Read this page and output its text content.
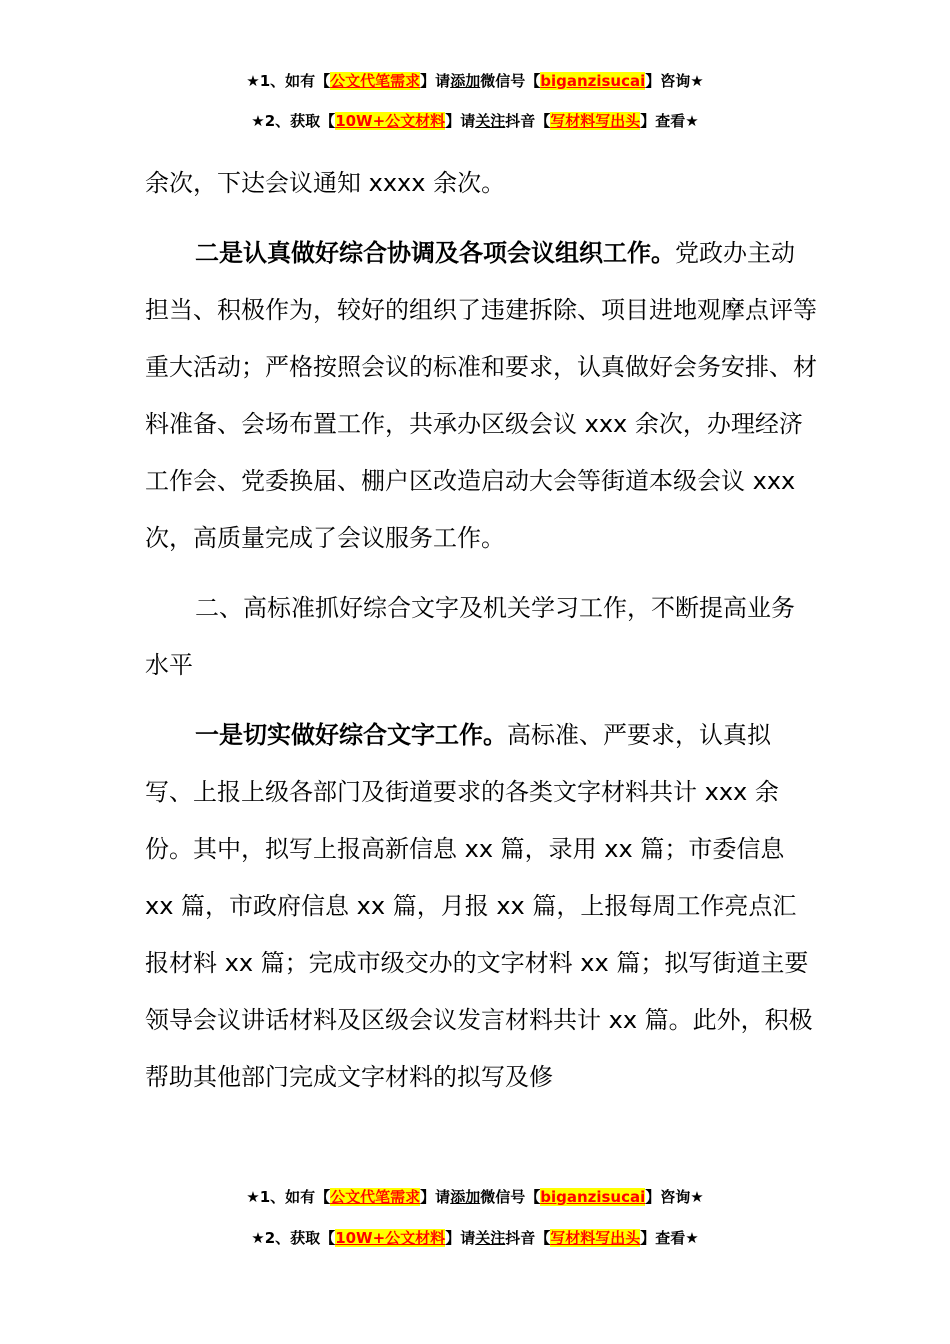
★1、如有【公文代笔需求】请添加微信号【biganzisucai】咨询★
★2、获取【10W+公文材料】请关注抖音【写材料写出头】查看★

余次，下达会议通知 xxxx 余次。

二是认真做好综合协调及各项会议组织工作。党政办主动担当、积极作为，较好的组织了违建拆除、项目进地观摩点评等重大活动；严格按照会议的标准和要求，认真做好会务安排、材料准备、会场布置工作，共承办区级会议 xxx 余次，办理经济工作会、党委换届、棚户区改造启动大会等街道本级会议 xxx 次，高质量完成了会议服务工作。

二、高标准抓好综合文字及机关学习工作，不断提高业务水平

一是切实做好综合文字工作。高标准、严要求，认真拟写、上报上级各部门及街道要求的各类文字材料共计 xxx 余份。其中，拟写上报高新信息 xx 篇，录用 xx 篇；市委信息 xx 篇，市政府信息 xx 篇，月报 xx 篇，上报每周工作亮点汇报材料 xx 篇；完成市级交办的文字材料 xx 篇；拟写街道主要领导会议讲话材料及区级会议发言材料共计 xx 篇。此外，积极帮助其他部门完成文字材料的拟写及修

★1、如有【公文代笔需求】请添加微信号【biganzisucai】咨询★
★2、获取【10W+公文材料】请关注抖音【写材料写出头】查看★
